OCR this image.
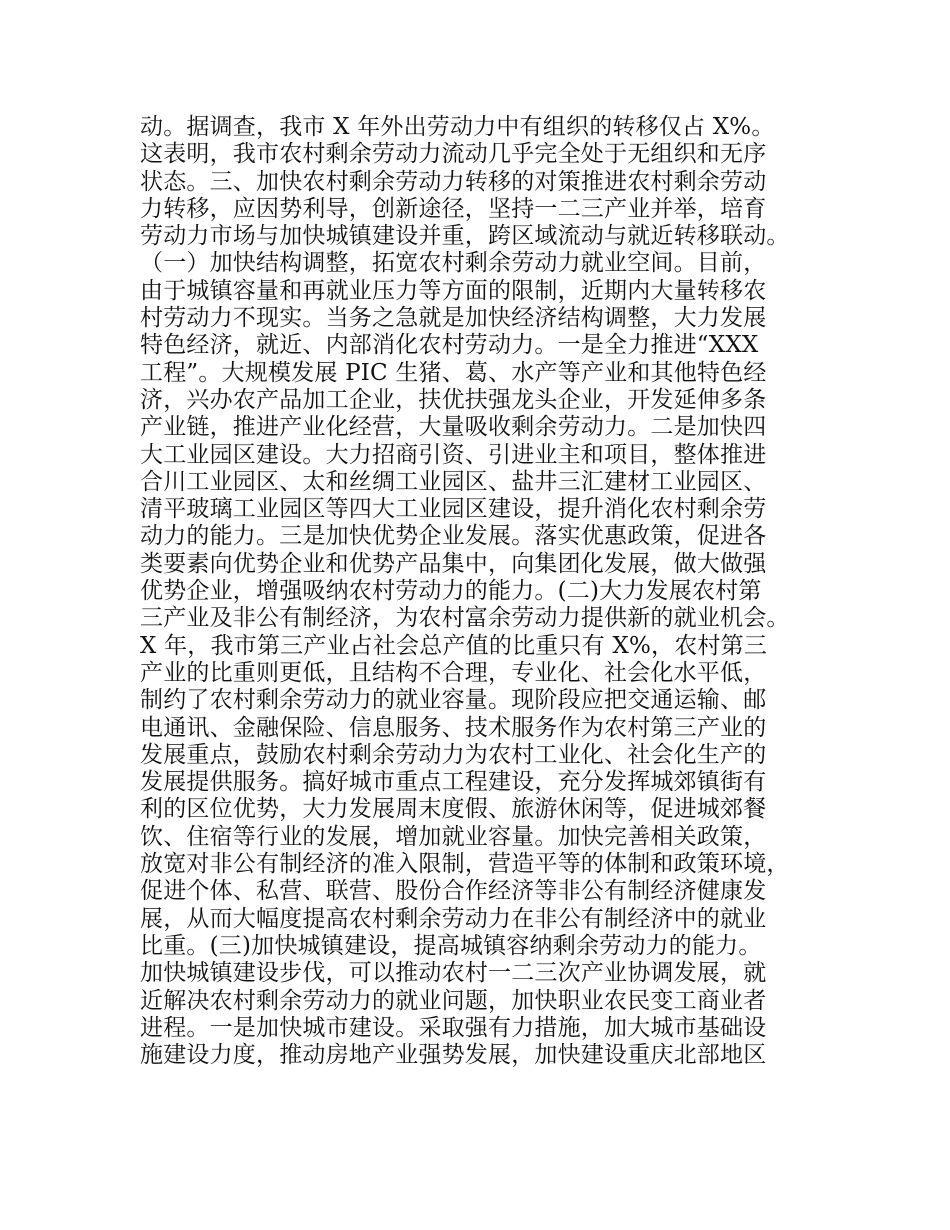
动。据调查，我市 X 年外出劳动力中有组织的转移仅占 X%。
这表明，我市农村剩余劳动力流动几乎完全处于无组织和无序
状态。三、加快农村剩余劳动力转移的对策推进农村剩余劳动
力转移，应因势利导，创新途径，坚持一二三产业并举，培育
劳动力市场与加快城镇建设并重，跨区域流动与就近转移联动。
（一）加快结构调整，拓宽农村剩余劳动力就业空间。目前，
由于城镇容量和再就业压力等方面的限制，近期内大量转移农
村劳动力不现实。当务之急就是加快经济结构调整，大力发展
特色经济，就近、内部消化农村劳动力。一是全力推进“XXX
工程”。大规模发展 PIC 生猪、葛、水产等产业和其他特色经
济，兴办农产品加工企业，扶优扶强龙头企业，开发延伸多条
产业链，推进产业化经营，大量吸收剩余劳动力。二是加快四
大工业园区建设。大力招商引资、引进业主和项目，整体推进
合川工业园区、太和丝绸工业园区、盐井三汇建材工业园区、
清平玻璃工业园区等四大工业园区建设，提升消化农村剩余劳
动力的能力。三是加快优势企业发展。落实优惠政策，促进各
类要素向优势企业和优势产品集中，向集团化发展，做大做强
优势企业，增强吸纳农村劳动力的能力。(二)大力发展农村第
三产业及非公有制经济，为农村富余劳动力提供新的就业机会。
X 年，我市第三产业占社会总产值的比重只有 X%，农村第三
产业的比重则更低，且结构不合理，专业化、社会化水平低，
制约了农村剩余劳动力的就业容量。现阶段应把交通运输、邮
电通讯、金融保险、信息服务、技术服务作为农村第三产业的
发展重点，鼓励农村剩余劳动力为农村工业化、社会化生产的
发展提供服务。搞好城市重点工程建设，充分发挥城郊镇街有
利的区位优势，大力发展周末度假、旅游休闲等，促进城郊餐
饮、住宿等行业的发展，增加就业容量。加快完善相关政策，
放宽对非公有制经济的准入限制，营造平等的体制和政策环境，
促进个体、私营、联营、股份合作经济等非公有制经济健康发
展，从而大幅度提高农村剩余劳动力在非公有制经济中的就业
比重。(三)加快城镇建设，提高城镇容纳剩余劳动力的能力。
加快城镇建设步伐，可以推动农村一二三次产业协调发展，就
近解决农村剩余劳动力的就业问题，加快职业农民变工商业者
进程。一是加快城市建设。采取强有力措施，加大城市基础设
施建设力度，推动房地产业强势发展，加快建设重庆北部地区
